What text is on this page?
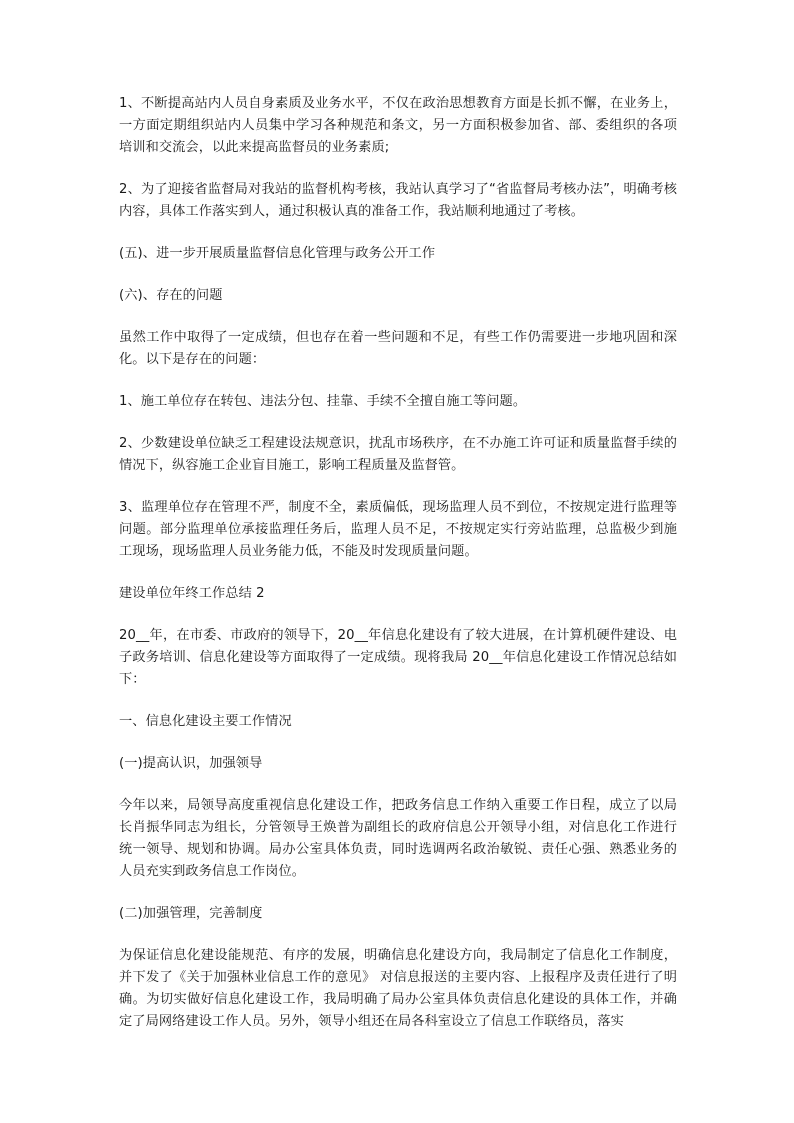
1、不断提高站内人员自身素质及业务水平，不仅在政治思想教育方面是长抓不懈，在业务上，一方面定期组织站内人员集中学习各种规范和条文，另一方面积极参加省、部、委组织的各项培训和交流会，以此来提高监督员的业务素质;

2、为了迎接省监督局对我站的监督机构考核，我站认真学习了“省监督局考核办法”，明确考核内容，具体工作落实到人，通过积极认真的准备工作，我站顺利地通过了考核。

(五)、进一步开展质量监督信息化管理与政务公开工作

(六)、存在的问题

虽然工作中取得了一定成绩，但也存在着一些问题和不足，有些工作仍需要进一步地巩固和深化。以下是存在的问题：

1、施工单位存在转包、违法分包、挂靠、手续不全擅自施工等问题。

2、少数建设单位缺乏工程建设法规意识，扰乱市场秩序，在不办施工许可证和质量监督手续的情况下，纵容施工企业盲目施工，影响工程质量及监督管。

3、监理单位存在管理不严，制度不全，素质偏低，现场监理人员不到位，不按规定进行监理等问题。部分监理单位承接监理任务后，监理人员不足，不按规定实行旁站监理，总监极少到施工现场，现场监理人员业务能力低，不能及时发现质量问题。

建设单位年终工作总结 2

20__年，在市委、市政府的领导下，20__年信息化建设有了较大进展，在计算机硬件建设、电子政务培训、信息化建设等方面取得了一定成绩。现将我局 20__年信息化建设工作情况总结如下：

一、信息化建设主要工作情况

(一)提高认识，加强领导

今年以来，局领导高度重视信息化建设工作，把政务信息工作纳入重要工作日程，成立了以局长肖振华同志为组长，分管领导王焕普为副组长的政府信息公开领导小组，对信息化工作进行统一领导、规划和协调。局办公室具体负责，同时选调两名政治敏锐、责任心强、熟悉业务的人员充实到政务信息工作岗位。

(二)加强管理，完善制度

为保证信息化建设能规范、有序的发展，明确信息化建设方向，我局制定了信息化工作制度，并下发了《关于加强林业信息工作的意见》 对信息报送的主要内容、上报程序及责任进行了明确。为切实做好信息化建设工作，我局明确了局办公室具体负责信息化建设的具体工作，并确定了局网络建设工作人员。另外，领导小组还在局各科室设立了信息工作联络员，落实
